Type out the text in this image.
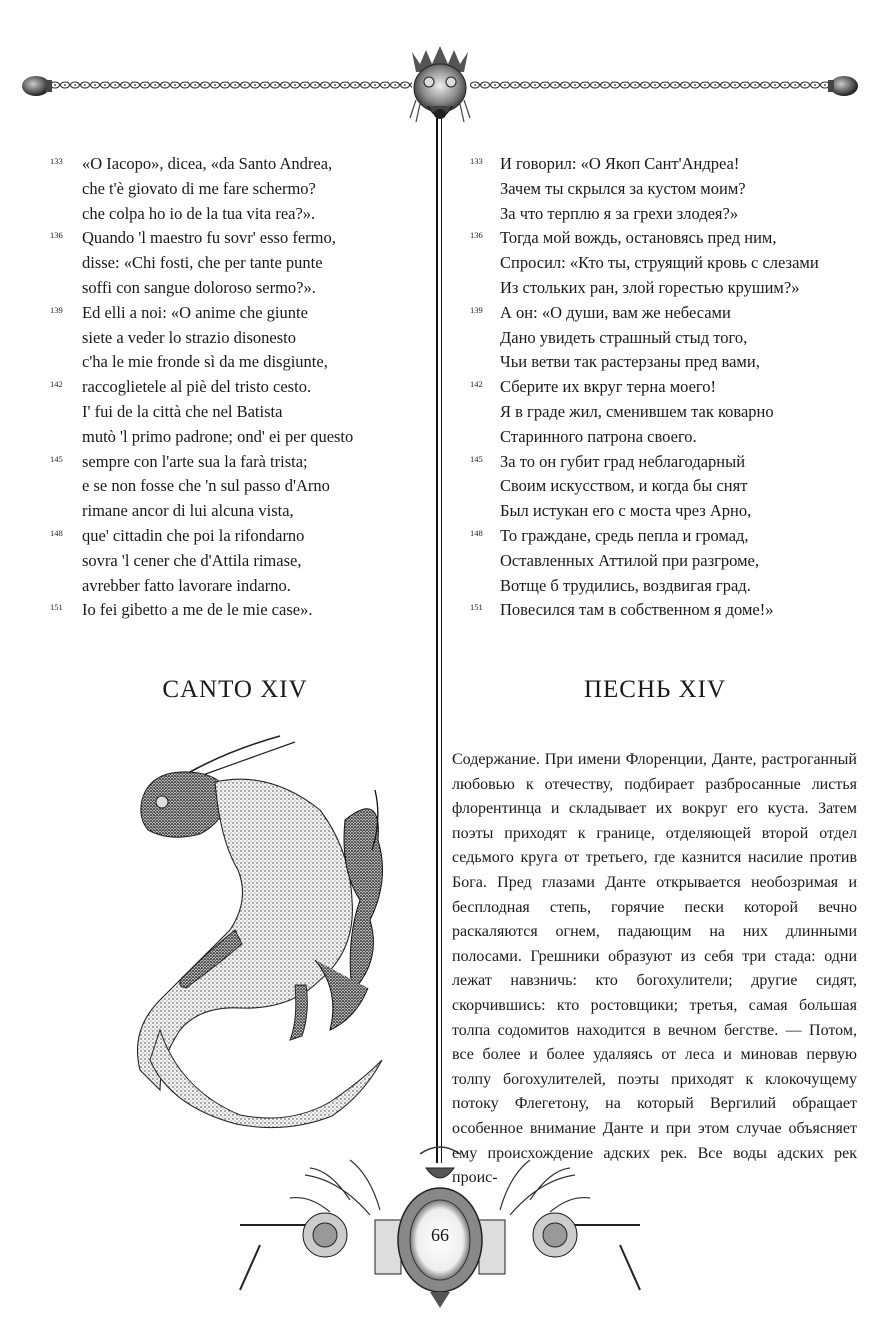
133 «O Iacopo», dicea, «da Santo Andrea,
che t'è giovato di me fare schermo?
che colpa ho io de la tua vita rea?».
136 Quando 'l maestro fu sovr' esso fermo,
disse: «Chi fosti, che per tante punte
soffi con sangue doloroso sermo?».
139 Ed elli a noi: «O anime che giunte
siete a veder lo strazio disonesto
c'ha le mie fronde sì da me disgiunte,
142 raccoglietele al piè del tristo cesto.
I' fui de la città che nel Batista
mutò 'l primo padrone; ond' ei per questo
145 sempre con l'arte sua la farà trista;
e se non fosse che 'n sul passo d'Arno
rimane ancor di lui alcuna vista,
148 que' cittadin che poi la rifondarno
sovra 'l cener che d'Attila rimase,
avrebber fatto lavorare indarno.
151 Io fei gibetto a me de le mie case».
133 И говорил: «О Якоп Сант'Андреа!
Зачем ты скрылся за кустом моим?
За что терплю я за грехи злодея?»
136 Тогда мой вождь, остановясь пред ним,
Спросил: «Кто ты, струящий кровь с слезами
Из стольких ран, злой горестью крушим?»
139 А он: «О души, вам же небесами
Дано увидеть страшный стыд того,
Чьи ветви так растерзаны пред вами,
142 Сберите их вкруг терна моего!
Я в граде жил, сменившем так коварно
Старинного патрона своего.
145 За то он губит град неблагодарный
Своим искусством, и когда бы снят
Был истукан его с моста чрез Арно,
148 То граждане, средь пепла и громад,
Оставленных Аттилой при разгроме,
Вотще б трудились, воздвигая град.
151 Повесился там в собственном я доме!»
CANTO XIV	ПЕСНЬ XIV

Содержание. При имени Флоренции, Данте, растроганный любовью к отечеству, подбирает разбросанные листья флорентинца и складывает их вокруг его куста. Затем поэты приходят к границе, отделяющей второй отдел седьмого круга от третьего, где казнится насилие против Бога. Пред глазами Данте открывается необозримая и бесплодная степь, горячие пески которой вечно раскаляются огнем, падающим на них длинными полосами. Грешники образуют из себя три стада: одни лежат навзничь: кто богохулители; другие сидят, скорчившись: кто ростовщики; третья, самая большая толпа содомитов находится в вечном бегстве. — Потом, все более и более удаляясь от леса и миновав первую толпу богохулителей, поэты приходят к клокочущему потоку Флегетону, на который Вергилий обращает особенное внимание Данте и при этом случае объясняет ему происхождение адских рек. Все воды адских рек проис-

66
